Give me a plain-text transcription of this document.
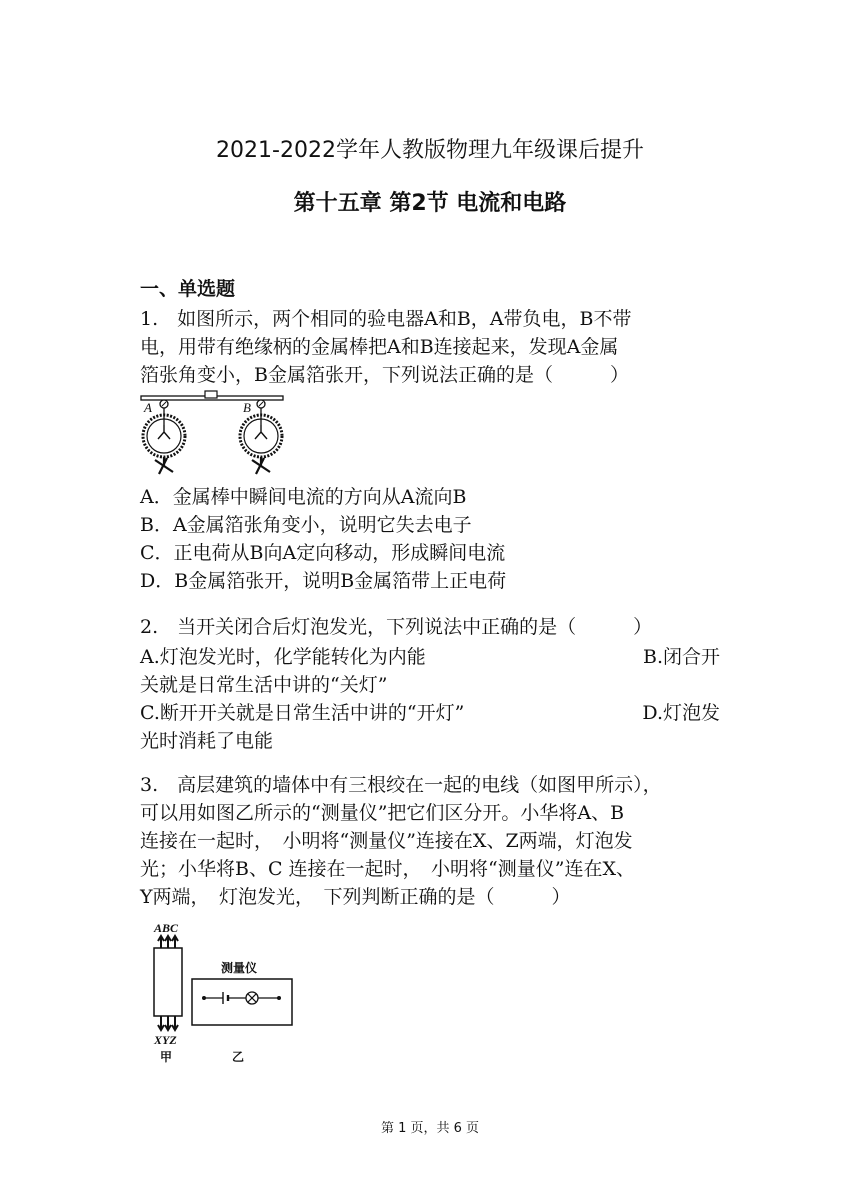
2021-2022学年人教版物理九年级课后提升
第十五章 第2节 电流和电路
一、单选题
1.　如图所示，两个相同的验电器A和B，A带负电，B不带
电，用带有绝缘柄的金属棒把A和B连接起来，发现A金属
箔张角变小，B金属箔张开，下列说法正确的是（　　　）
A	B
A．金属棒中瞬间电流的方向从A流向B
B．A金属箔张角变小，说明它失去电子
C．正电荷从B向A定向移动，形成瞬间电流
D．B金属箔张开，说明B金属箔带上正电荷
2.　当开关闭合后灯泡发光，下列说法中正确的是（　　　）
A.灯泡发光时，化学能转化为内能	B.闭合开
关就是日常生活中讲的“关灯”
C.断开开关就是日常生活中讲的“开灯”	D.灯泡发
光时消耗了电能
3.　高层建筑的墙体中有三根绞在一起的电线（如图甲所示），
可以用如图乙所示的“测量仪”把它们区分开。小华将A、B
连接在一起时，　小明将“测量仪”连接在X、Z两端，灯泡发
光；小华将B、C 连接在一起时，　小明将“测量仪”连在X、
Y两端，　灯泡发光，　下列判断正确的是（　　　）
ABC
XYZ
甲
测量仪
乙
第 1 页，共 6 页
